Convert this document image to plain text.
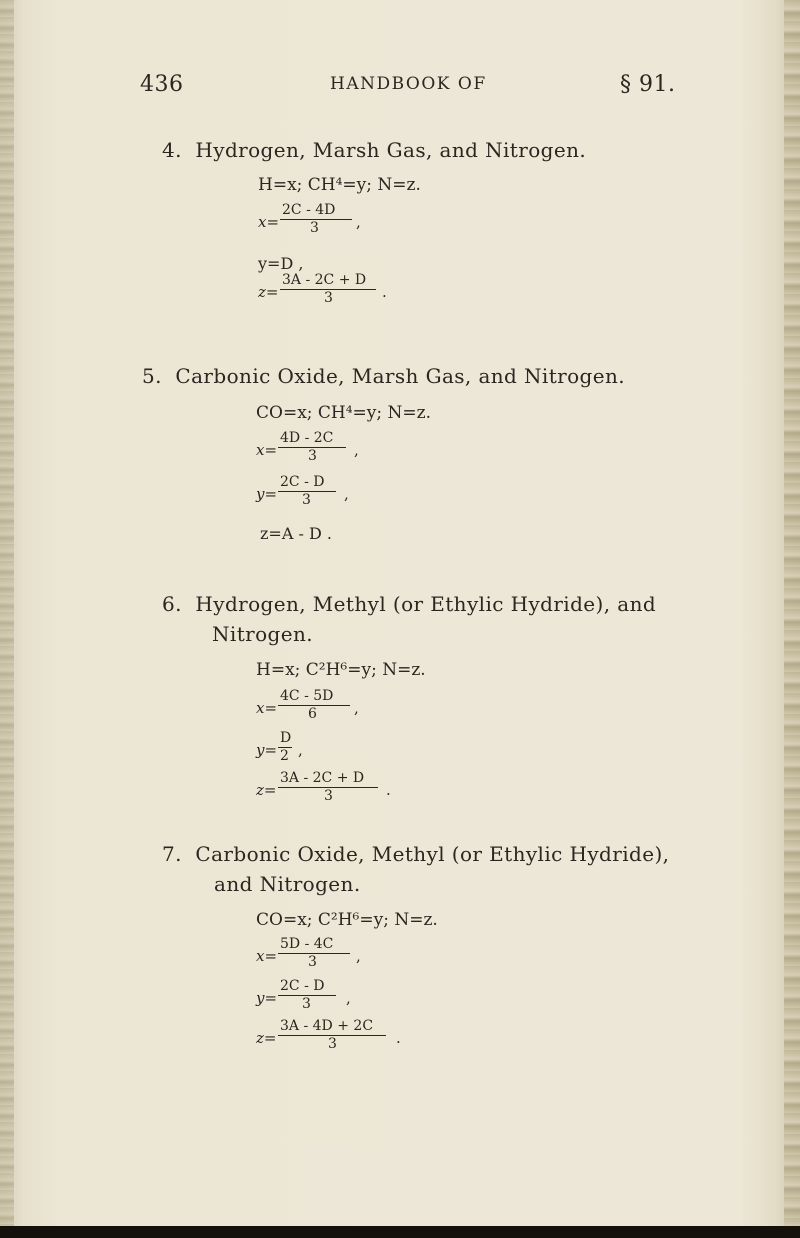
436	HANDBOOK OF	§ 91.
4. Hydrogen, Marsh Gas, and Nitrogen.
H=x; CH⁴=y; N=z.
x=
2C - 4D
3 ,
y=D ,
z=
3A - 2C + D
3	.
5. Carbonic Oxide, Marsh Gas, and Nitrogen.
CO=x; CH⁴=y; N=z.
x=
4D - 2C
3 ,
y=
2C - D
3 ,
z=A - D .
6. Hydrogen, Methyl (or Ethylic Hydride), and
Nitrogen.
H=x; C²H⁶=y; N=z.
x=
4C - 5D
6 ,
y=
D
2 ,
z=
3A - 2C + D
3	.
7. Carbonic Oxide, Methyl (or Ethylic Hydride),
and Nitrogen.
CO=x; C²H⁶=y; N=z.
x=
5D - 4C
3	,
y=
2C - D
3 ,
z=
3A - 4D + 2C
3	.
